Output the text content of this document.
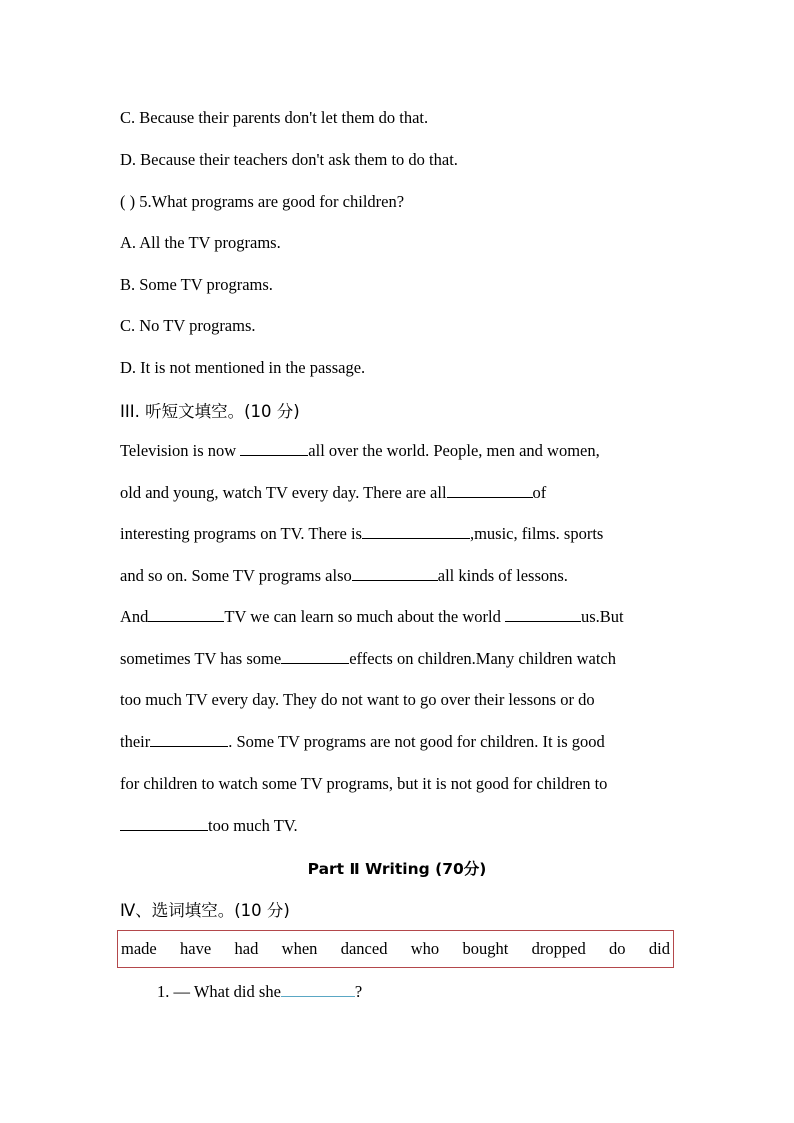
C. Because their parents don't let them do that.
D. Because their teachers don't ask them to do that.
( ) 5.What programs are good for children?
A. All the TV programs.
B. Some TV programs.
C. No TV programs.
D. It is not mentioned in the passage.
III. 听短文填空。(10 分)
Television is now	all over the world. People, men and women,
old and young, watch TV every day. There are all	of
interesting programs on TV. There is	,music, films. sports
and so on. Some TV programs also	all kinds of lessons.
And	TV we can learn so much about the world	us.But
sometimes TV has some	effects on children.Many children watch
too much TV every day. They do not want to go over their lessons or do
their	. Some TV programs are not good for children. It is good
for children to watch some TV programs, but it is not good for children to
too much TV.
Part Ⅱ Writing (70分)
Ⅳ、选词填空。(10 分)
made have had when danced who bought dropped do did
1. — What did she	?
